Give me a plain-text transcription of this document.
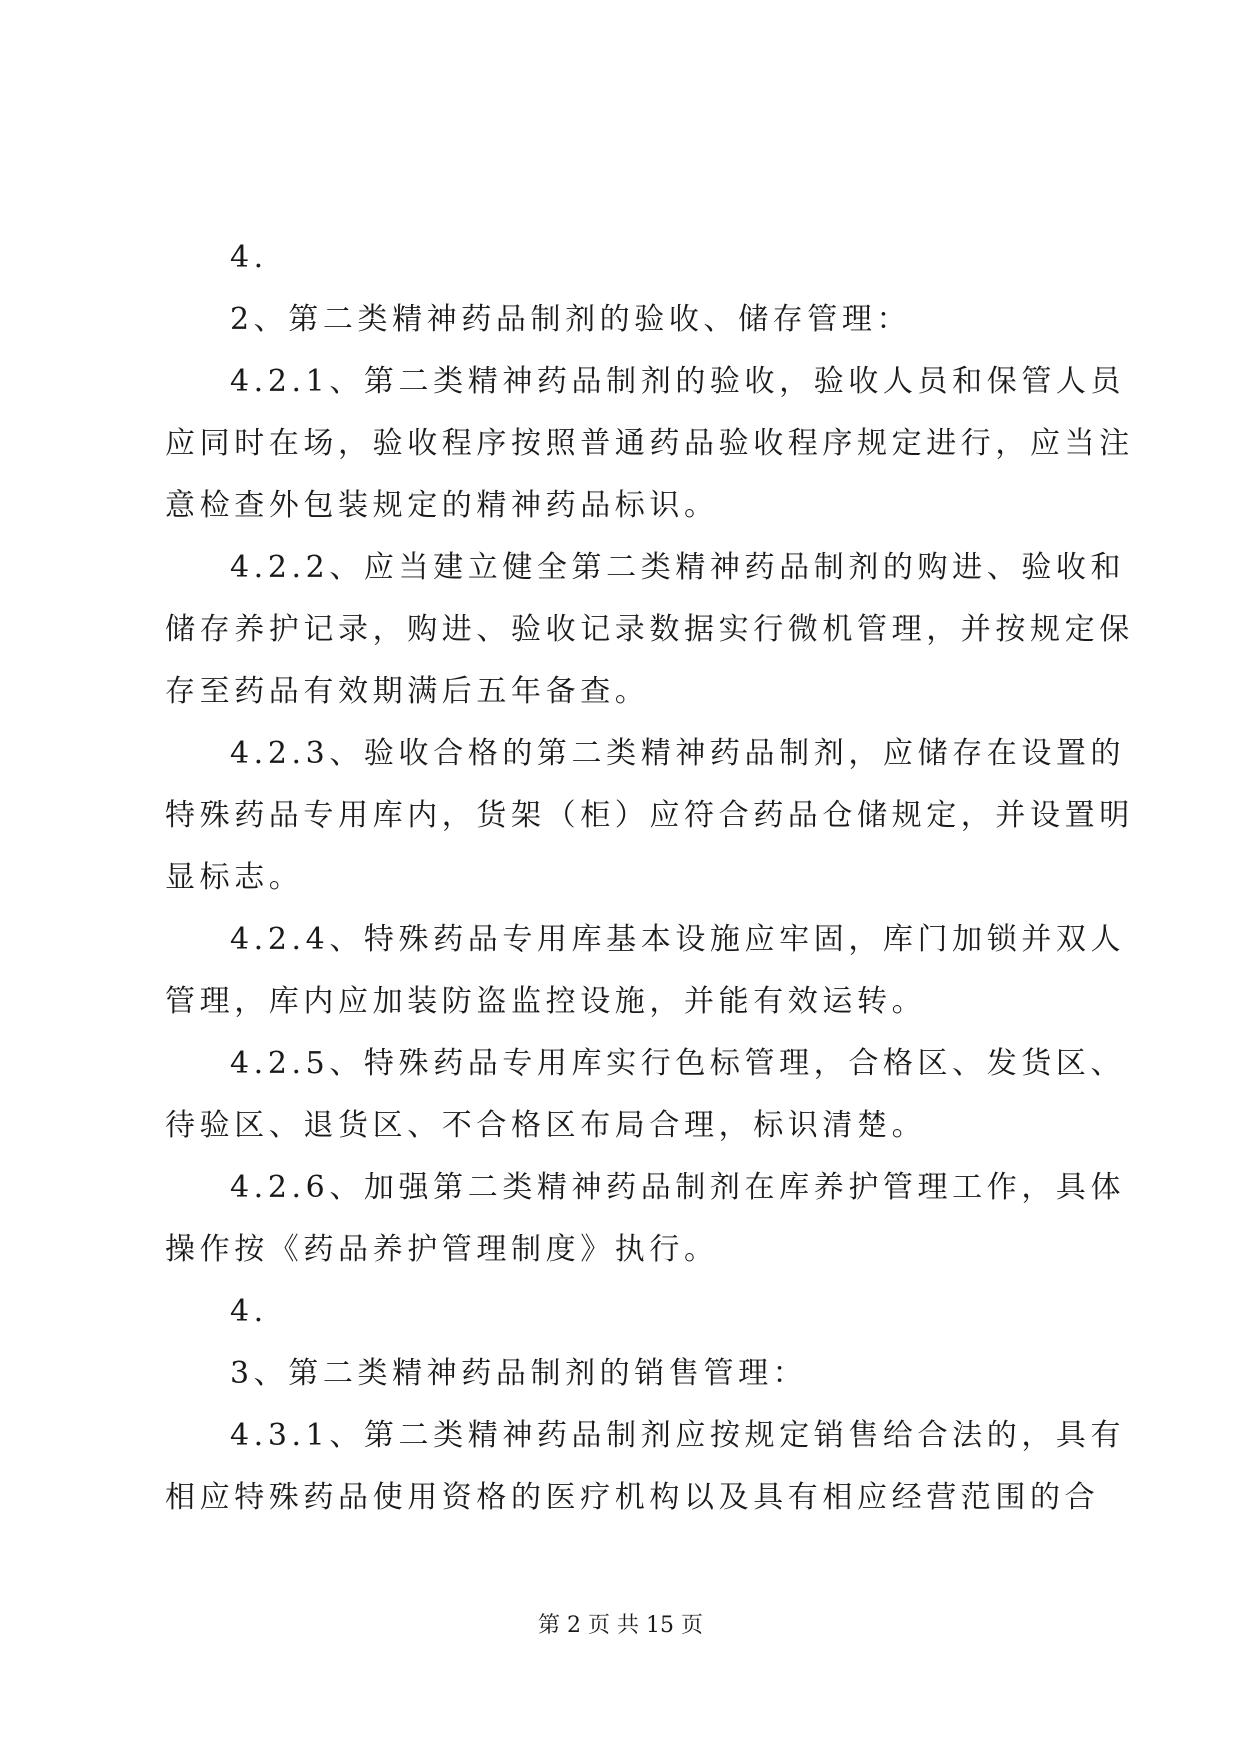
4.
2、第二类精神药品制剂的验收、储存管理：
4.2.1、第二类精神药品制剂的验收，验收人员和保管人员
应同时在场，验收程序按照普通药品验收程序规定进行，应当注
意检查外包装规定的精神药品标识。
4.2.2、应当建立健全第二类精神药品制剂的购进、验收和
储存养护记录，购进、验收记录数据实行微机管理，并按规定保
存至药品有效期满后五年备查。
4.2.3、验收合格的第二类精神药品制剂，应储存在设置的
特殊药品专用库内，货架（柜）应符合药品仓储规定，并设置明
显标志。
4.2.4、特殊药品专用库基本设施应牢固，库门加锁并双人
管理，库内应加装防盗监控设施，并能有效运转。
4.2.5、特殊药品专用库实行色标管理，合格区、发货区、
待验区、退货区、不合格区布局合理，标识清楚。
4.2.6、加强第二类精神药品制剂在库养护管理工作，具体
操作按《药品养护管理制度》执行。
4.
3、第二类精神药品制剂的销售管理：
4.3.1、第二类精神药品制剂应按规定销售给合法的，具有
相应特殊药品使用资格的医疗机构以及具有相应经营范围的合
第 2 页 共 15 页
